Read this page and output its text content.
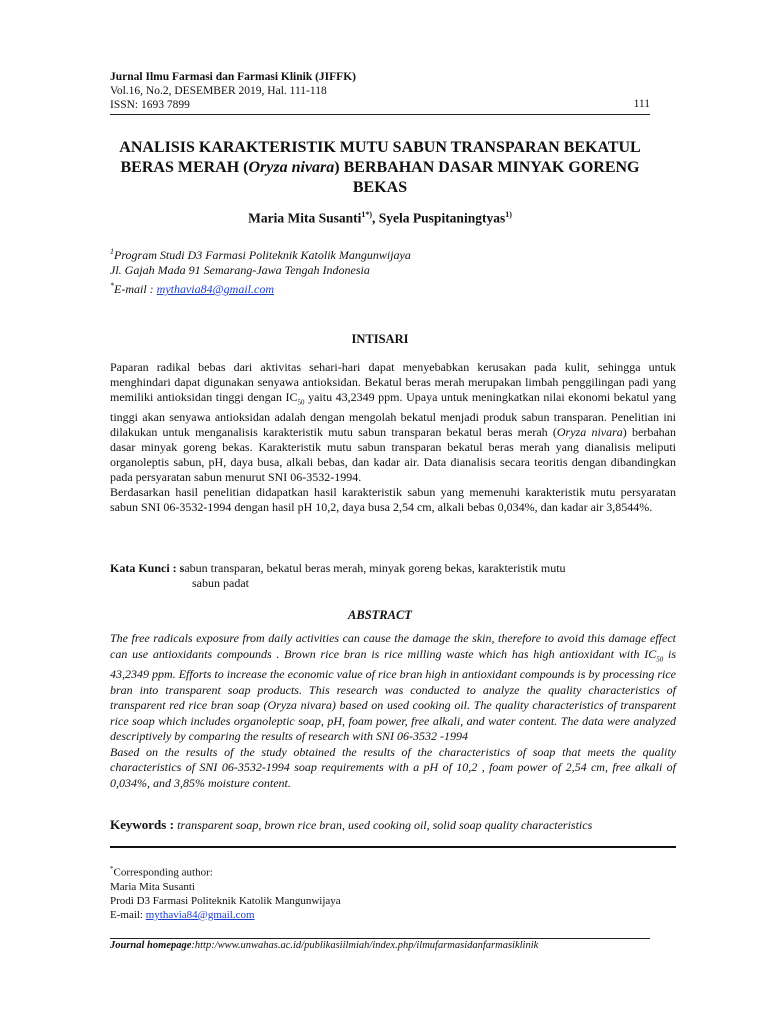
Jurnal Ilmu Farmasi dan Farmasi Klinik (JIFFK)
Vol.16, No.2, DESEMBER 2019, Hal. 111-118
ISSN: 1693 7899	111
ANALISIS KARAKTERISTIK MUTU SABUN TRANSPARAN BEKATUL BERAS MERAH (Oryza nivara) BERBAHAN DASAR MINYAK GORENG BEKAS
Maria Mita Susanti$^{1*)}$, Syela Puspitaningtyas$^{1)}$
$^1$Program Studi D3 Farmasi Politeknik Katolik Mangunwijaya
Jl. Gajah Mada 91 Semarang-Jawa Tengah Indonesia
*E-mail : mythavia84@gmail.com
INTISARI

Paparan radikal bebas dari aktivitas sehari-hari dapat menyebabkan kerusakan pada kulit, sehingga untuk menghindari dapat digunakan senyawa antioksidan. Bekatul beras merah merupakan limbah penggilingan padi yang memiliki antioksidan tinggi dengan $IC_{50}$ yaitu 43,2349 ppm. Upaya untuk meningkatkan nilai ekonomi bekatul yang tinggi akan senyawa antioksidan adalah dengan mengolah bekatul menjadi produk sabun transparan. Penelitian ini dilakukan untuk menganalisis karakteristik mutu sabun transparan bekatul beras merah (Oryza nivara) berbahan dasar minyak goreng bekas. Karakteristik mutu sabun transparan bekatul beras merah yang dianalisis meliputi organoleptis sabun, pH, daya busa, alkali bebas, dan kadar air. Data dianalisis secara teoritis dengan dibandingkan pada persyaratan sabun menurut SNI 06-3532-1994.

Berdasarkan hasil penelitian didapatkan hasil karakteristik sabun yang memenuhi karakteristik mutu persyaratan sabun SNI 06-3532-1994 dengan hasil pH 10,2, daya busa 2,54 cm, alkali bebas 0,034%, dan kadar air 3,8544%.

Kata Kunci : sabun transparan, bekatul beras merah, minyak goreng bekas, karakteristik mutu
sabun padat
ABSTRACT

The free radicals exposure from daily activities can cause the damage the skin, therefore to avoid this damage effect can use antioxidants compounds . Brown rice bran is rice milling waste which has high antioxidant with $IC_{50}$ is 43,2349 ppm. Efforts to increase the economic value of rice bran high in antioxidant compounds is by processing rice bran into transparent soap products. This research was conducted to analyze the quality characteristics of transparent red rice bran soap (Oryza nivara) based on used cooking oil. The quality characteristics of transparent rice soap which includes organoleptic soap, pH, foam power, free alkali, and water content. The data were analyzed descriptively by comparing the results of research with SNI 06-3532 -1994

Based on the results of the study obtained the results of the characteristics of soap that meets the quality characteristics of SNI 06-3532-1994 soap requirements with a pH of 10,2 , foam power of 2,54 cm, free alkali of 0,034%, and 3,85% moisture content.

Keywords : transparent soap, brown rice bran, used cooking oil, solid soap quality characteristics
*Corresponding author:
Maria Mita Susanti
Prodi D3 Farmasi Politeknik Katolik Mangunwijaya
E-mail: mythavia84@gmail.com
Journal homepage:http:/www.unwahas.ac.id/publikasiilmiah/index.php/ilmufarmasidanfarmasiklinik
